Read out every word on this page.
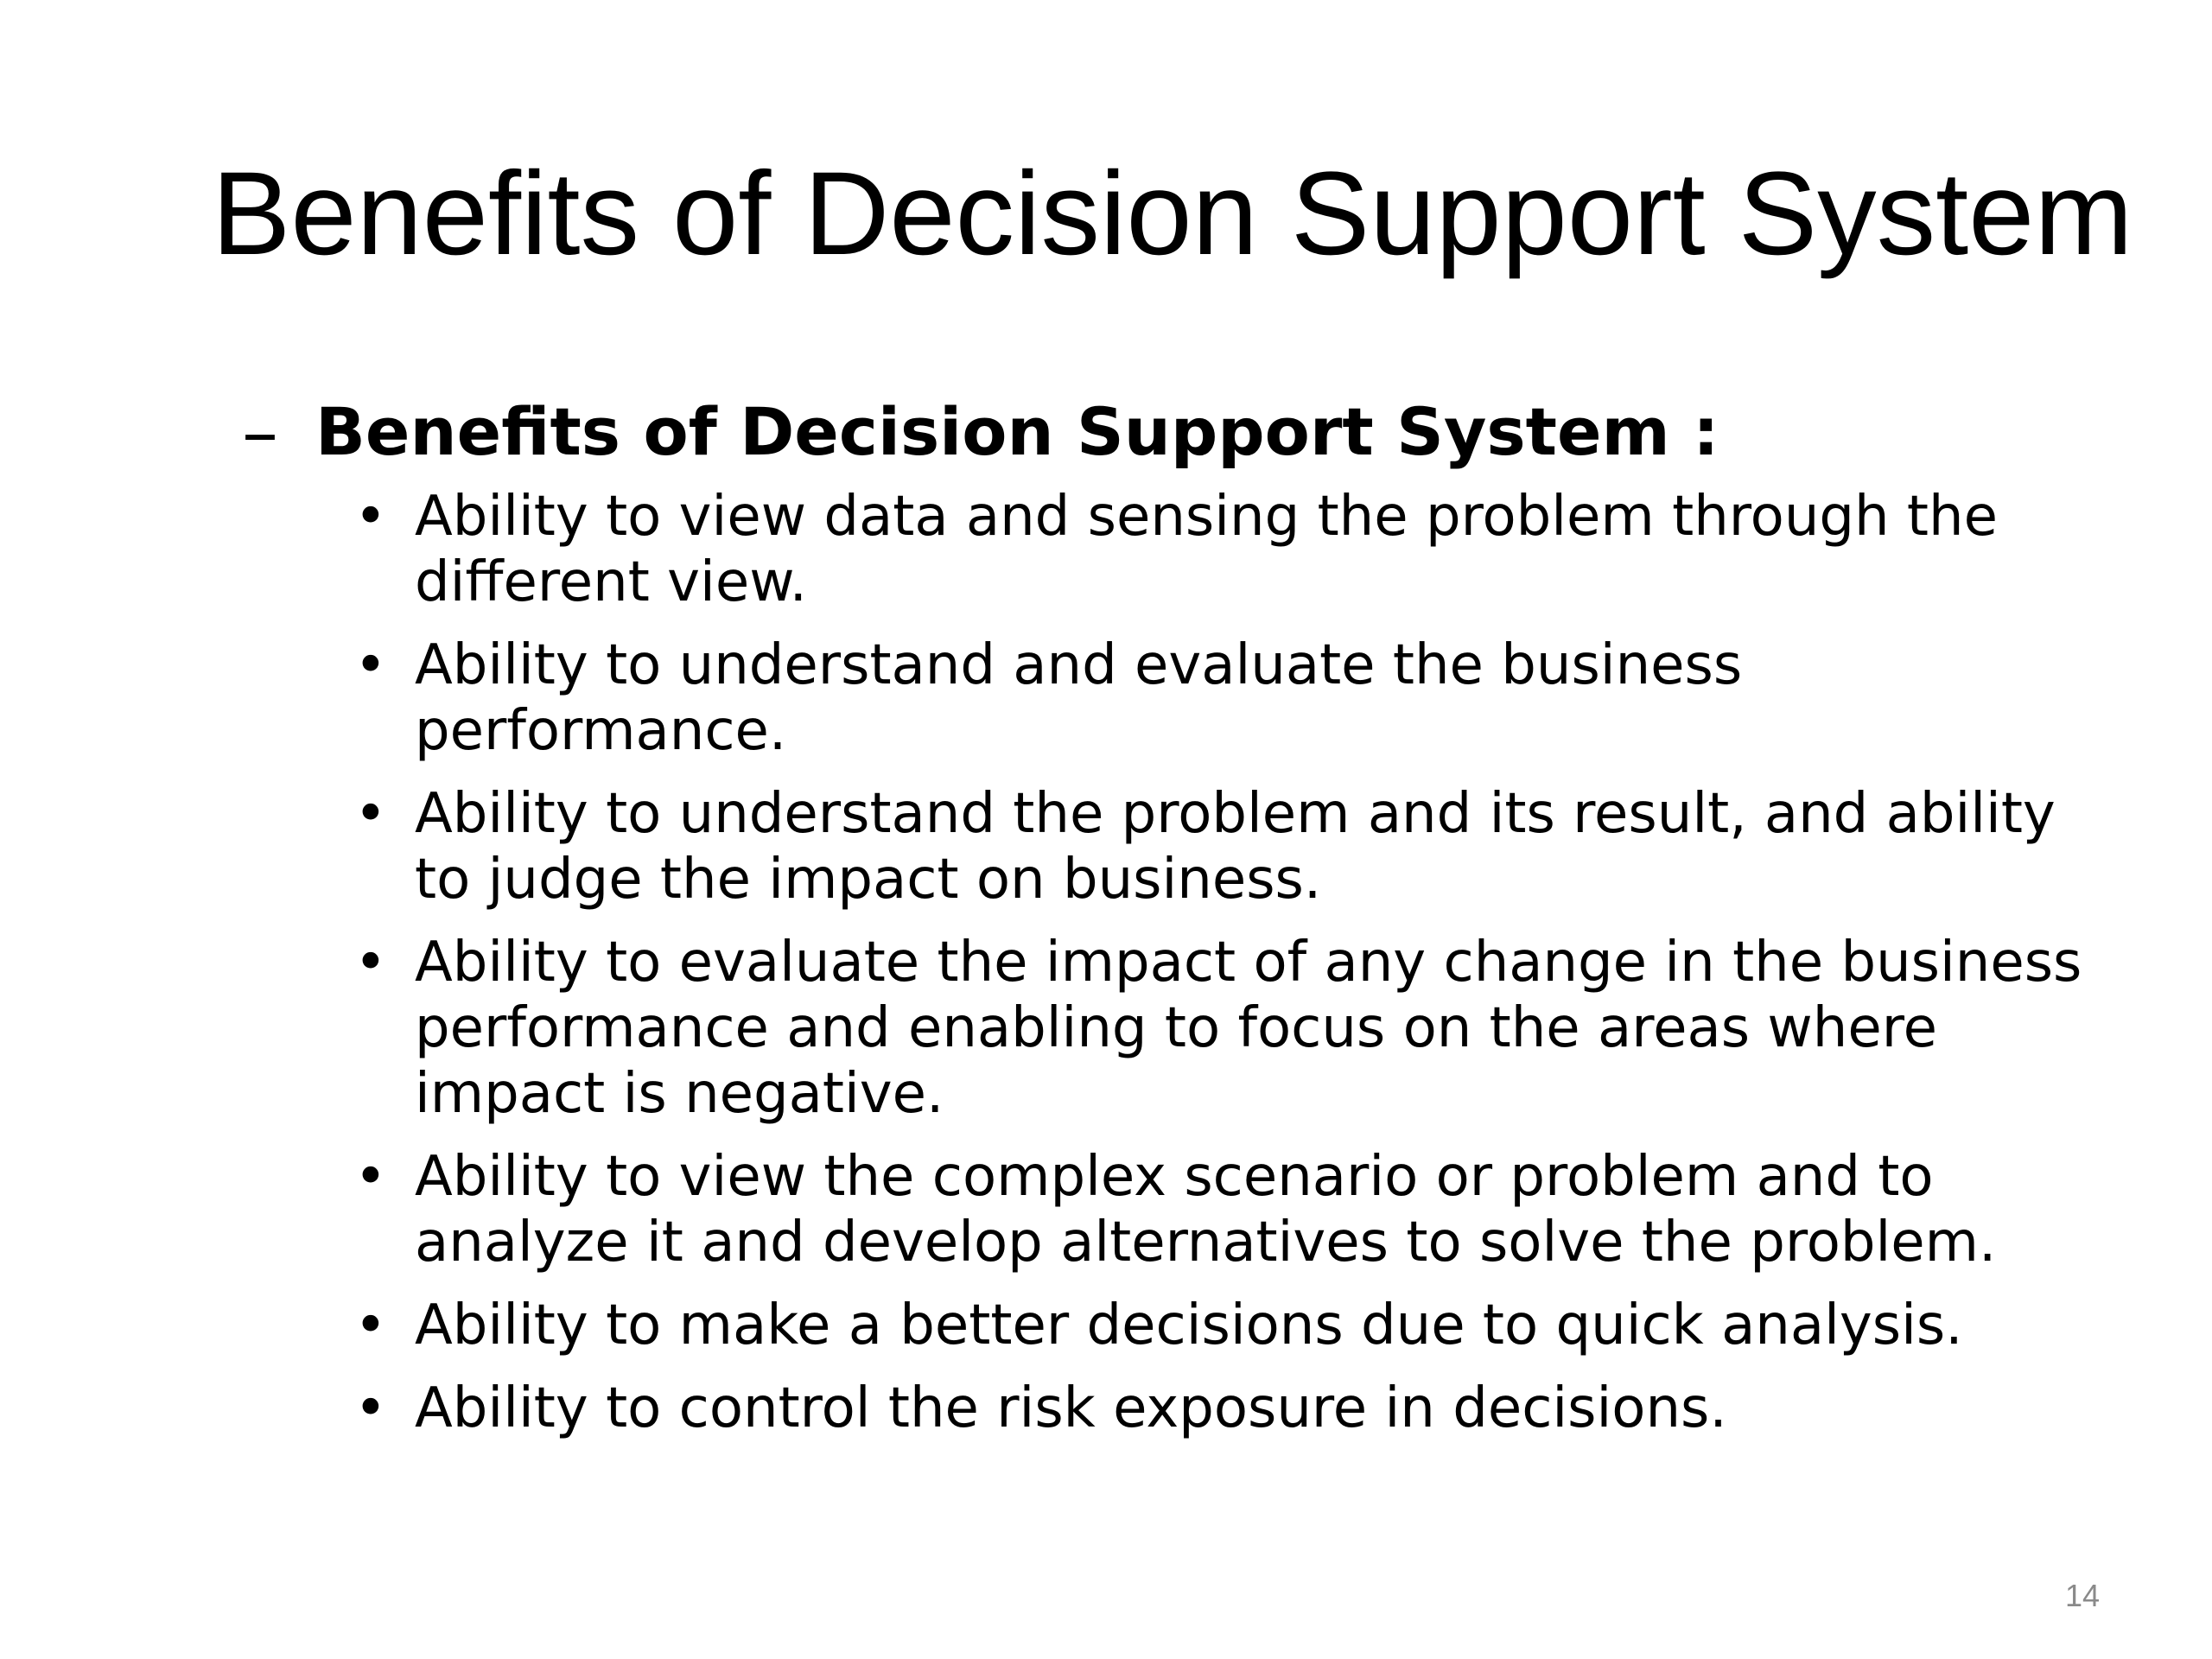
Benefits of Decision Support System
– Benefits of Decision Support System :
• Ability to view data and sensing the problem through the different view.
• Ability to understand and evaluate the business performance.
• Ability to understand the problem and its result, and ability to judge the impact on business.
• Ability to evaluate the impact of any change in the business performance and enabling to focus on the areas where impact is negative.
• Ability to view the complex scenario or problem and to analyze it and develop alternatives to solve the problem.
• Ability to make a better decisions due to quick analysis.
• Ability to control the risk exposure in decisions.
14
